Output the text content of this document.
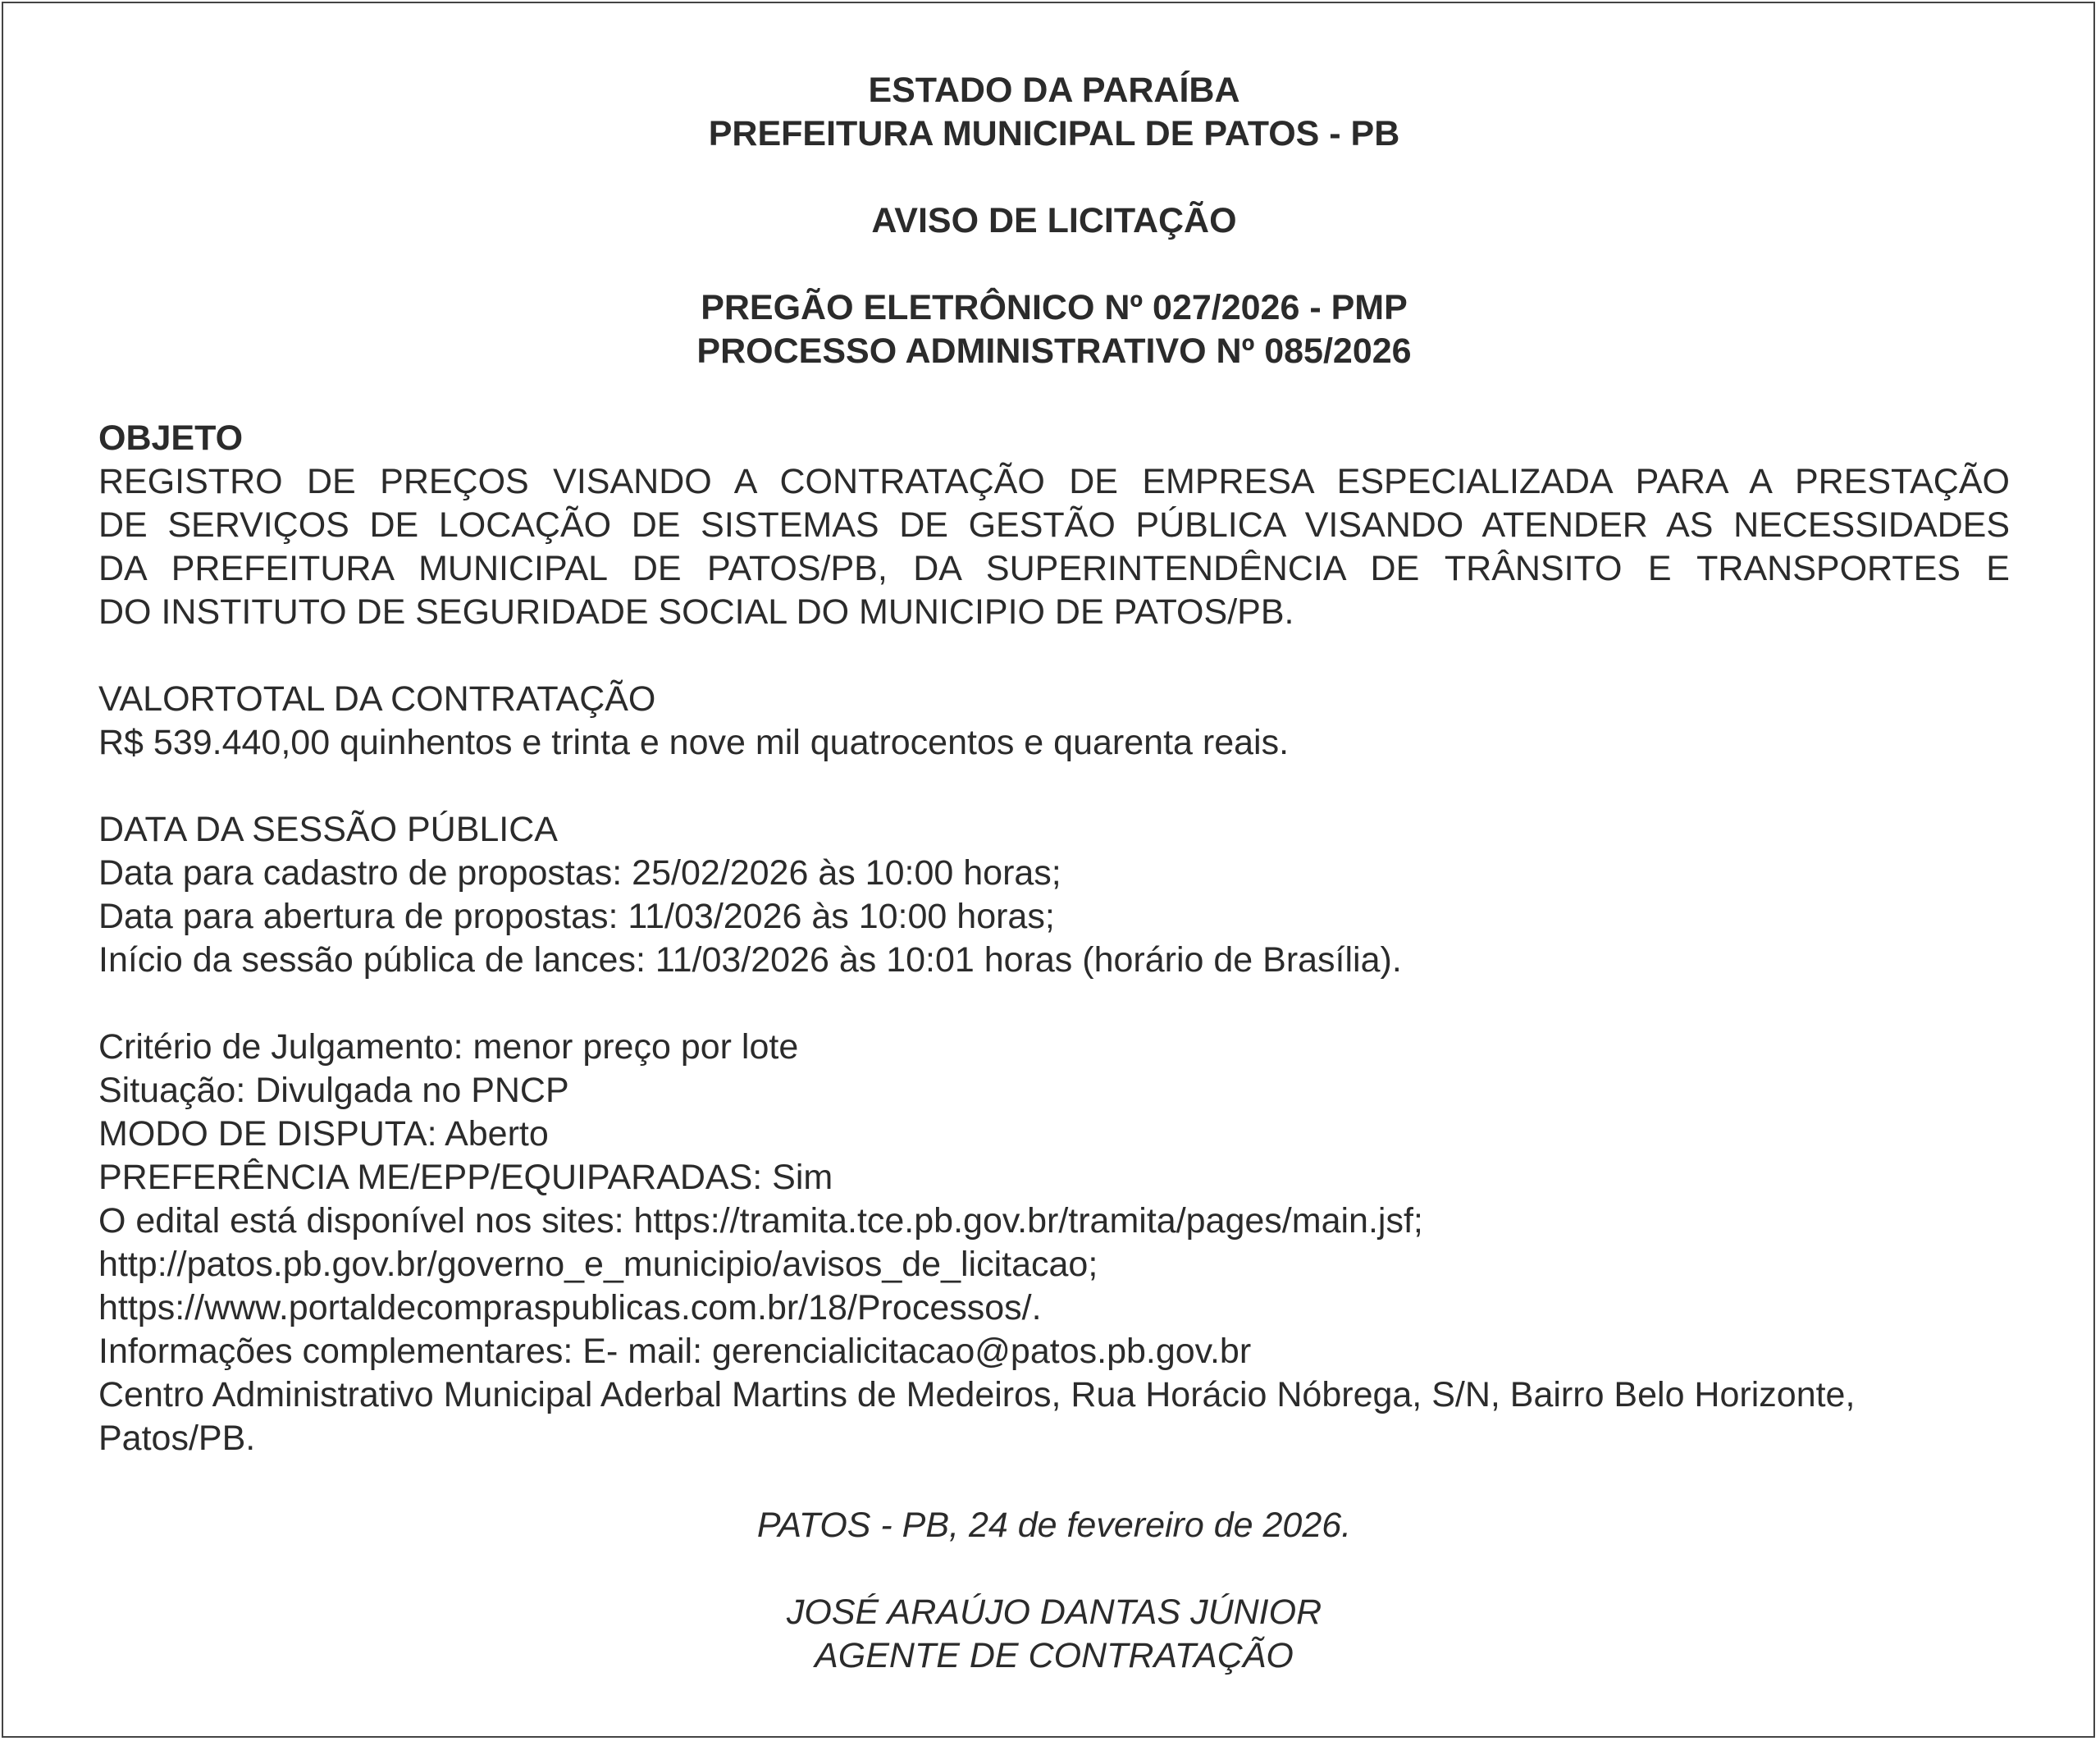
ESTADO DA PARAÍBA
PREFEITURA MUNICIPAL DE PATOS - PB
AVISO DE LICITAÇÃO
PREGÃO ELETRÔNICO Nº 027/2026 - PMP
PROCESSO ADMINISTRATIVO Nº 085/2026
OBJETO
REGISTRO DE PREÇOS VISANDO A CONTRATAÇÃO DE EMPRESA ESPECIALIZADA PARA A PRESTAÇÃO
DE SERVIÇOS DE LOCAÇÃO DE SISTEMAS DE GESTÃO PÚBLICA VISANDO ATENDER AS NECESSIDADES
DA PREFEITURA MUNICIPAL DE PATOS/PB, DA SUPERINTENDÊNCIA DE TRÂNSITO E TRANSPORTES E
DO INSTITUTO DE SEGURIDADE SOCIAL DO MUNICIPIO DE PATOS/PB.
VALORTOTAL DA CONTRATAÇÃO
R$ 539.440,00 quinhentos e trinta e nove mil quatrocentos e quarenta reais.
DATA DA SESSÃO PÚBLICA
Data para cadastro de propostas: 25/02/2026 às 10:00 horas;
Data para abertura de propostas: 11/03/2026 às 10:00 horas;
Início da sessão pública de lances: 11/03/2026 às 10:01 horas (horário de Brasília).
Critério de Julgamento: menor preço por lote
Situação: Divulgada no PNCP
MODO DE DISPUTA: Aberto
PREFERÊNCIA ME/EPP/EQUIPARADAS: Sim
O edital está disponível nos sites: https://tramita.tce.pb.gov.br/tramita/pages/main.jsf;
http://patos.pb.gov.br/governo_e_municipio/avisos_de_licitacao;
https://www.portaldecompraspublicas.com.br/18/Processos/.
Informações complementares: E- mail: gerencialicitacao@patos.pb.gov.br
Centro Administrativo Municipal Aderbal Martins de Medeiros, Rua Horácio Nóbrega, S/N, Bairro Belo Horizonte,
Patos/PB.
PATOS - PB, 24 de fevereiro de 2026.
JOSÉ ARAÚJO DANTAS JÚNIOR
AGENTE DE CONTRATAÇÃO
